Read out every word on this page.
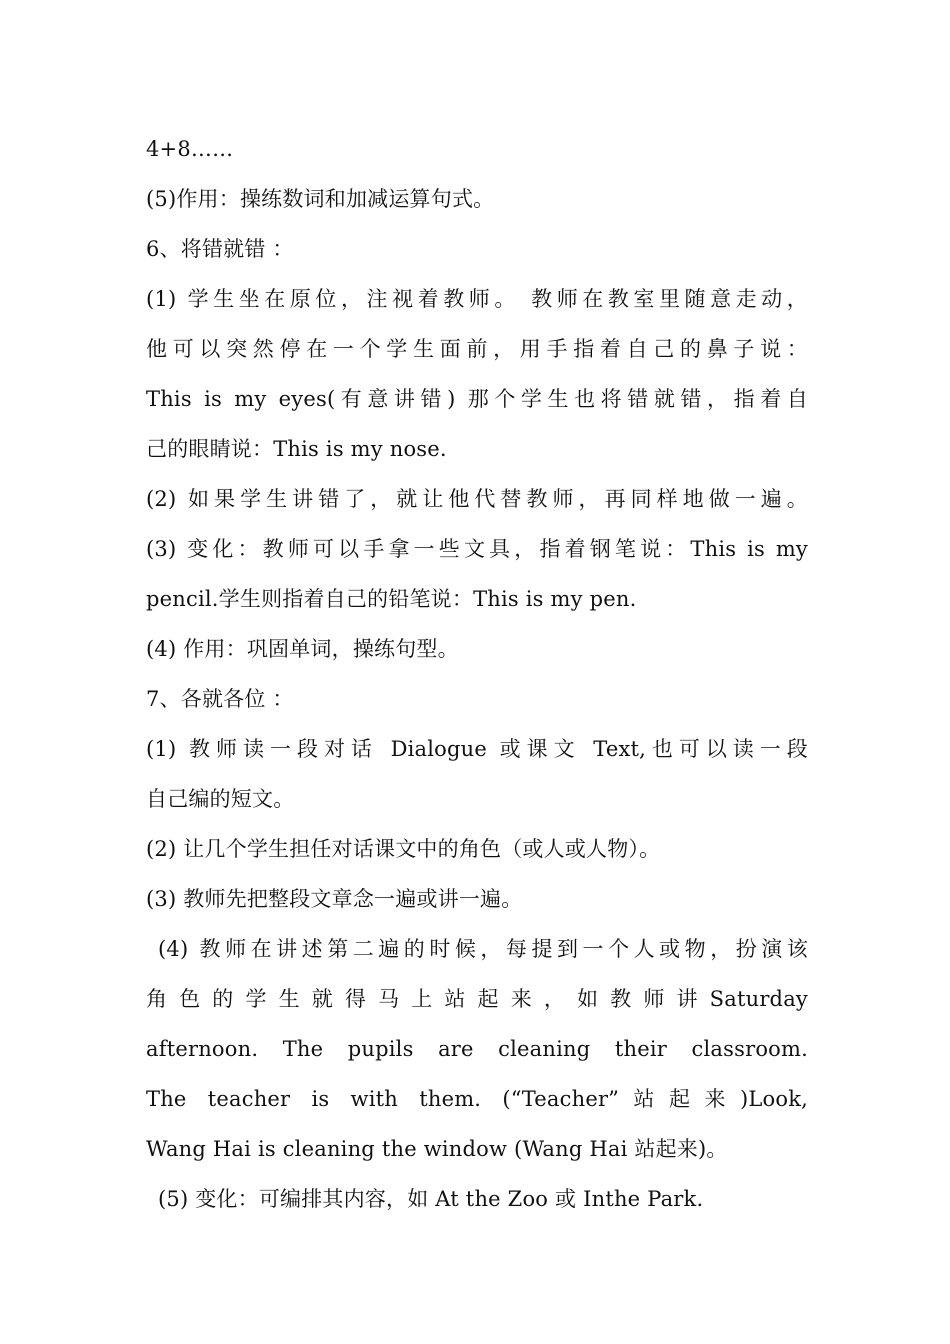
4+8……
(5)作用：操练数词和加减运算句式。
6、将错就错 ：
(1) 学生坐在原位，注视着教师。 教师在教室里随意走动，
他可以突然停在一个学生面前，用手指着自己的鼻子说：
This is my eyes(有意讲错) 那个学生也将错就错，指着自
己的眼睛说：This is my nose.
(2) 如果学生讲错了，就让他代替教师，再同样地做一遍。
(3) 变化：教师可以手拿一些文具，指着钢笔说：This is my
pencil.学生则指着自己的铅笔说：This is my pen.
(4) 作用：巩固单词，操练句型。
7、各就各位 ：
(1) 教师读一段对话 Dialogue 或课文 Text,也可以读一段
自己编的短文。
(2) 让几个学生担任对话课文中的角色（或人或人物）。
(3) 教师先把整段文章念一遍或讲一遍。
(4) 教师在讲述第二遍的时候，每提到一个人或物，扮演该
角 色 的 学 生 就 得 马 上 站 起 来 ， 如 教 师 讲 Saturday
afternoon. The pupils are cleaning their classroom.
The teacher is with them. (“Teacher”站起来)Look,
Wang Hai is cleaning the window (Wang Hai 站起来)。
(5) 变化：可编排其内容，如 At the Zoo 或 Inthe Park.
